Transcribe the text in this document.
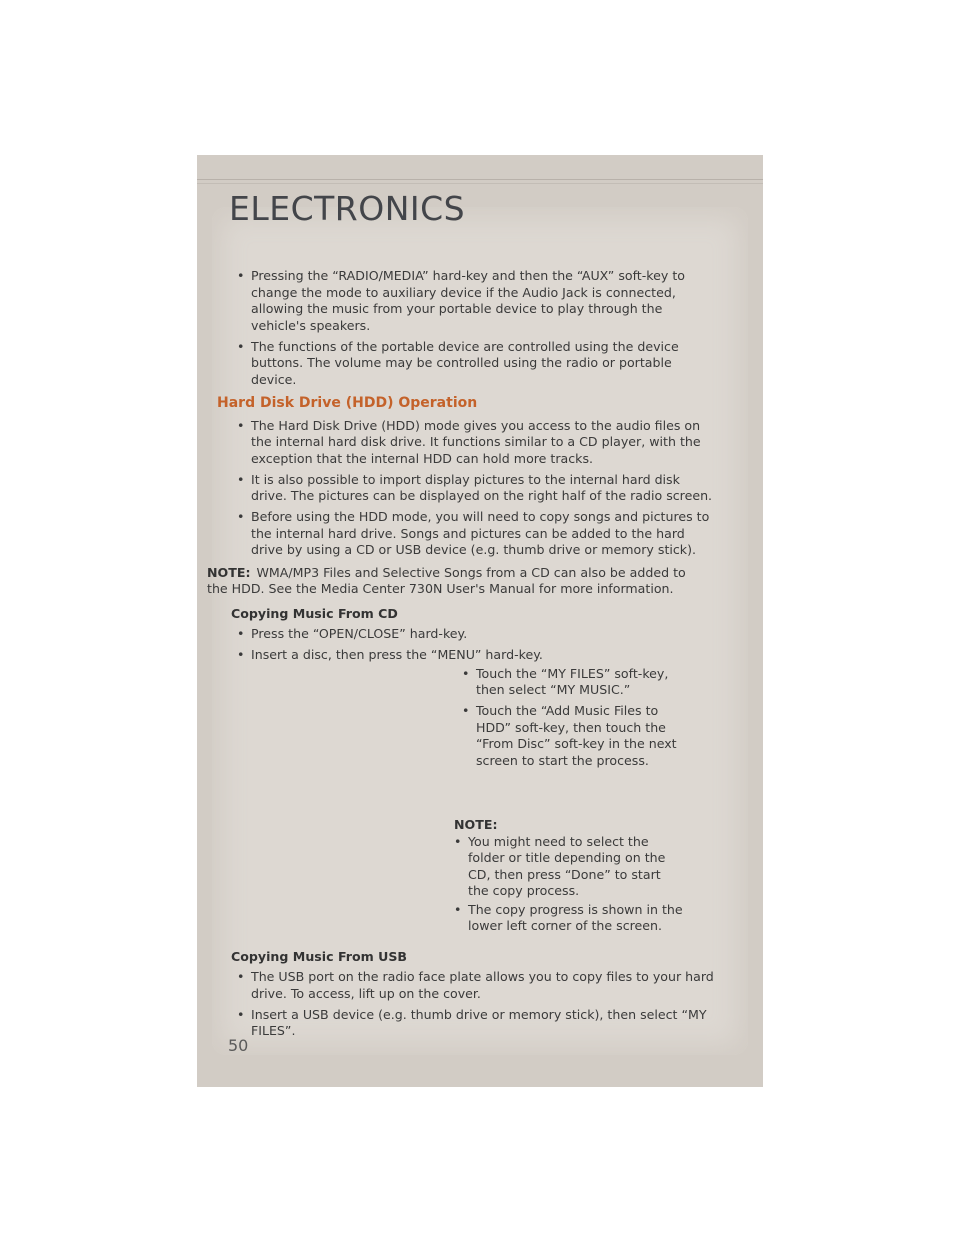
ELECTRONICS
• Pressing the “RADIO/MEDIA” hard-key and then the “AUX” soft-key to change the mode to auxiliary device if the Audio Jack is connected, allowing the music from your portable device to play through the vehicle's speakers.
• The functions of the portable device are controlled using the device buttons. The volume may be controlled using the radio or portable device.
Hard Disk Drive (HDD) Operation
• The Hard Disk Drive (HDD) mode gives you access to the audio files on the internal hard disk drive. It functions similar to a CD player, with the exception that the internal HDD can hold more tracks.
• It is also possible to import display pictures to the internal hard disk drive. The pictures can be displayed on the right half of the radio screen.
• Before using the HDD mode, you will need to copy songs and pictures to the internal hard drive. Songs and pictures can be added to the hard drive by using a CD or USB device (e.g. thumb drive or memory stick).
NOTE: WMA/MP3 Files and Selective Songs from a CD can also be added to the HDD. See the Media Center 730N User's Manual for more information.
Copying Music From CD
• Press the “OPEN/CLOSE” hard-key.
• Insert a disc, then press the “MENU” hard-key.
• Touch the “MY FILES” soft-key, then select “MY MUSIC.”
• Touch the “Add Music Files to HDD” soft-key, then touch the “From Disc” soft-key in the next screen to start the process.
NOTE:
• You might need to select the folder or title depending on the CD, then press “Done” to start the copy process.
• The copy progress is shown in the lower left corner of the screen.
Copying Music From USB
• The USB port on the radio face plate allows you to copy files to your hard drive. To access, lift up on the cover.
• Insert a USB device (e.g. thumb drive or memory stick), then select “MY FILES”.
50
